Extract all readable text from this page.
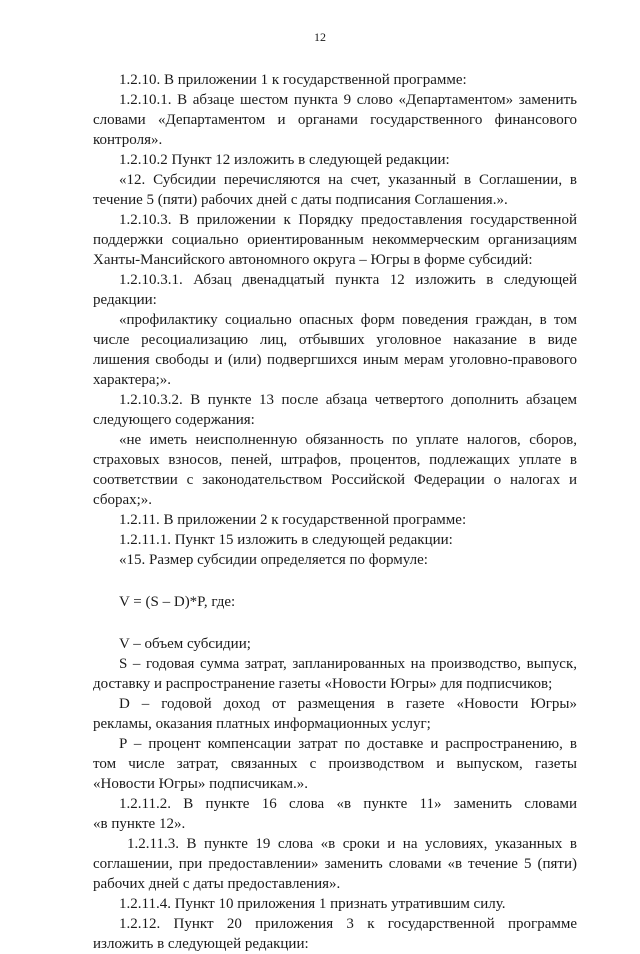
12
1.2.10. В приложении 1 к государственной программе:
1.2.10.1. В абзаце шестом пункта 9 слово «Департаментом» заменить
словами «Департаментом и органами государственного финансового
контроля».
1.2.10.2 Пункт 12 изложить в следующей редакции:
«12. Субсидии перечисляются на счет, указанный в Соглашении, в
течение 5 (пяти) рабочих дней с даты подписания Соглашения.».
1.2.10.3. В приложении к Порядку предоставления государственной
поддержки социально ориентированным некоммерческим организациям
Ханты-Мансийского автономного округа – Югры в форме субсидий:
1.2.10.3.1. Абзац двенадцатый пункта 12 изложить в следующей
редакции:
«профилактику социально опасных форм поведения граждан, в том
числе ресоциализацию лиц, отбывших уголовное наказание в виде
лишения свободы и (или) подвергшихся иным мерам уголовно-правового
характера;».
1.2.10.3.2. В пункте 13 после абзаца четвертого дополнить абзацем
следующего содержания:
«не иметь неисполненную обязанность по уплате налогов, сборов,
страховых взносов, пеней, штрафов, процентов, подлежащих уплате в
соответствии с законодательством Российской Федерации о налогах и
сборах;».
1.2.11. В приложении 2 к государственной программе:
1.2.11.1. Пункт 15 изложить в следующей редакции:
«15. Размер субсидии определяется по формуле:
V = (S – D)*P, где:
V – объем субсидии;
S – годовая сумма затрат, запланированных на производство, выпуск,
доставку и распространение газеты «Новости Югры» для подписчиков;
D – годовой доход от размещения в газете «Новости Югры»
рекламы, оказания платных информационных услуг;
P – процент компенсации затрат по доставке и распространению, в
том числе затрат, связанных с производством и выпуском, газеты
«Новости Югры» подписчикам.».
1.2.11.2. В пункте 16 слова «в пункте 11» заменить словами
«в пункте 12».
1.2.11.3. В пункте 19 слова «в сроки и на условиях, указанных в
соглашении, при предоставлении» заменить словами «в течение 5 (пяти)
рабочих дней с даты предоставления».
1.2.11.4. Пункт 10 приложения 1 признать утратившим силу.
1.2.12. Пункт 20 приложения 3 к государственной программе
изложить в следующей редакции:
